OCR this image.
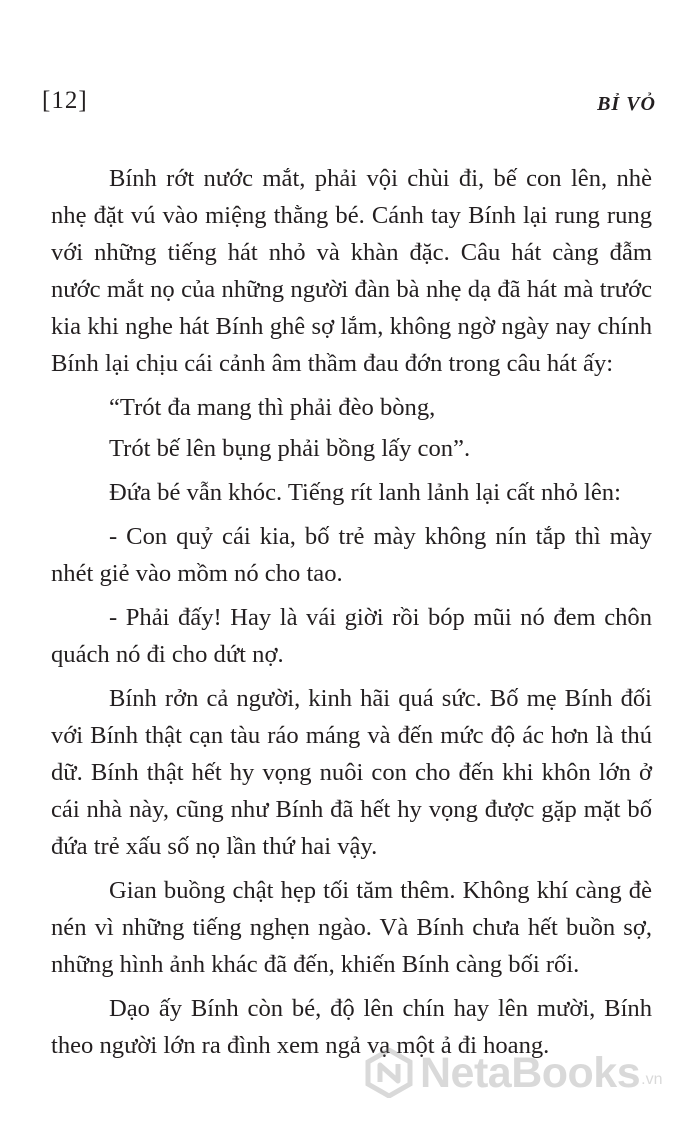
[12]	BỈ VỎ

Bính rớt nước mắt, phải vội chùi đi, bế con lên, nhè nhẹ đặt vú vào miệng thằng bé. Cánh tay Bính lại rung rung với những tiếng hát nhỏ và khàn đặc. Câu hát càng đẫm nước mắt nọ của những người đàn bà nhẹ dạ đã hát mà trước kia khi nghe hát Bính ghê sợ lắm, không ngờ ngày nay chính Bính lại chịu cái cảnh âm thầm đau đớn trong câu hát ấy:

“Trót đa mang thì phải đèo bòng,

Trót bế lên bụng phải bồng lấy con”.

Đứa bé vẫn khóc. Tiếng rít lanh lảnh lại cất nhỏ lên:

- Con quỷ cái kia, bố trẻ mày không nín tắp thì mày nhét giẻ vào mồm nó cho tao.

- Phải đấy! Hay là vái giời rồi bóp mũi nó đem chôn quách nó đi cho dứt nợ.

Bính rởn cả người, kinh hãi quá sức. Bố mẹ Bính đối với Bính thật cạn tàu ráo máng và đến mức độ ác hơn là thú dữ. Bính thật hết hy vọng nuôi con cho đến khi khôn lớn ở cái nhà này, cũng như Bính đã hết hy vọng được gặp mặt bố đứa trẻ xấu số nọ lần thứ hai vậy.

Gian buồng chật hẹp tối tăm thêm. Không khí càng đè nén vì những tiếng nghẹn ngào. Và Bính chưa hết buồn sợ, những hình ảnh khác đã đến, khiến Bính càng bối rối.

Dạo ấy Bính còn bé, độ lên chín hay lên mười, Bính theo người lớn ra đình xem ngả vạ một ả đi hoang.

NetaBooks .vn
